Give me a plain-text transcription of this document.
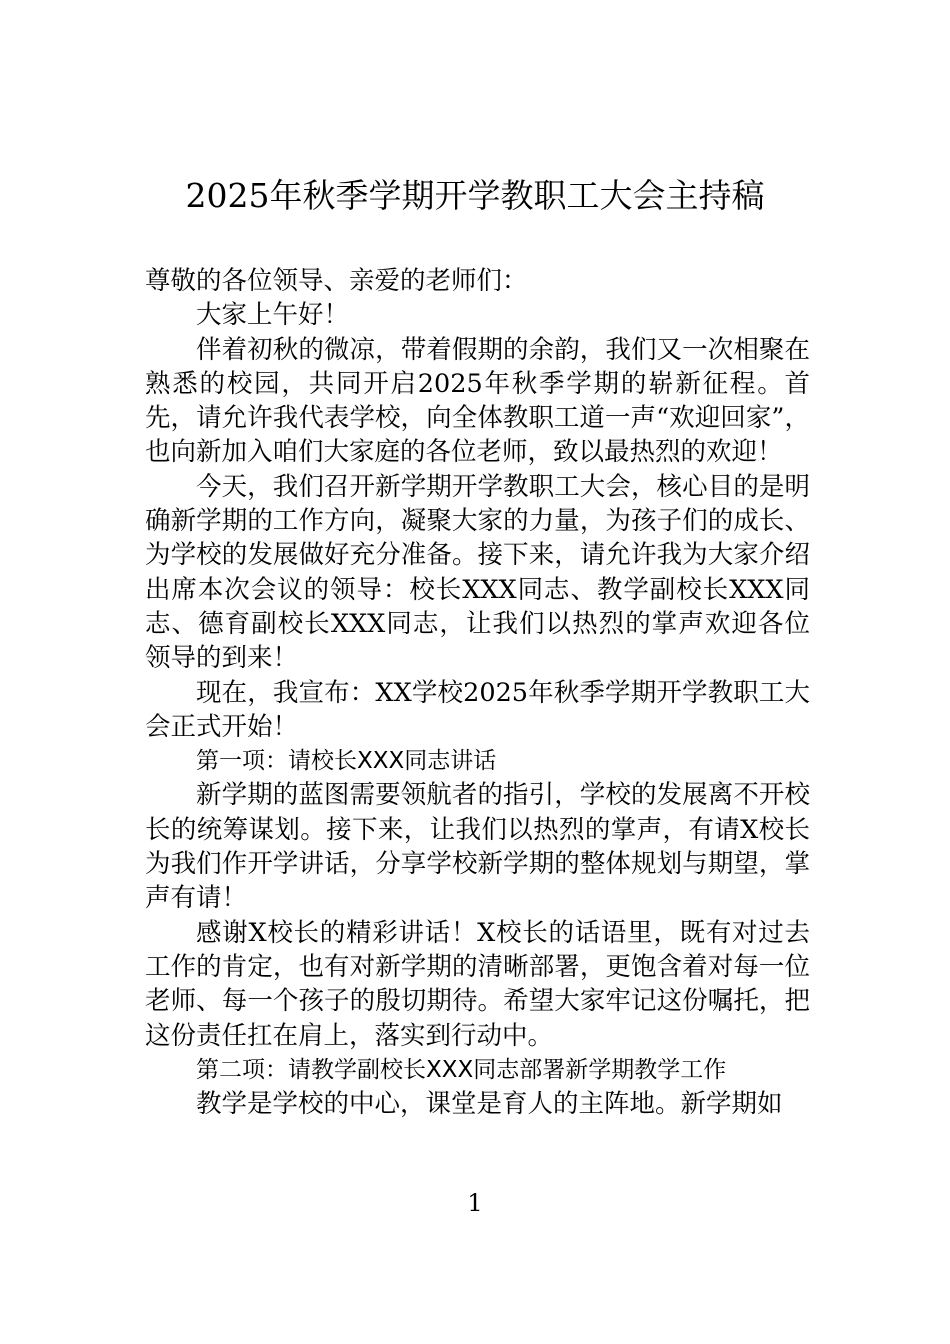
2025年秋季学期开学教职工大会主持稿

尊敬的各位领导、亲爱的老师们：

大家上午好！

伴着初秋的微凉，带着假期的余韵，我们又一次相聚在熟悉的校园，共同开启2025年秋季学期的崭新征程。首先，请允许我代表学校，向全体教职工道一声“欢迎回家”，也向新加入咱们大家庭的各位老师，致以最热烈的欢迎！

今天，我们召开新学期开学教职工大会，核心目的是明确新学期的工作方向，凝聚大家的力量，为孩子们的成长、为学校的发展做好充分准备。接下来，请允许我为大家介绍出席本次会议的领导：校长XXX同志、教学副校长XXX同志、德育副校长XXX同志，让我们以热烈的掌声欢迎各位领导的到来！

现在，我宣布：XX学校2025年秋季学期开学教职工大会正式开始！

第一项：请校长XXX同志讲话

新学期的蓝图需要领航者的指引，学校的发展离不开校长的统筹谋划。接下来，让我们以热烈的掌声，有请X校长为我们作开学讲话，分享学校新学期的整体规划与期望，掌声有请！

感谢X校长的精彩讲话！X校长的话语里，既有对过去工作的肯定，也有对新学期的清晰部署，更饱含着对每一位老师、每一个孩子的殷切期待。希望大家牢记这份嘱托，把这份责任扛在肩上，落实到行动中。

第二项：请教学副校长XXX同志部署新学期教学工作

教学是学校的中心，课堂是育人的主阵地。新学期如

1
